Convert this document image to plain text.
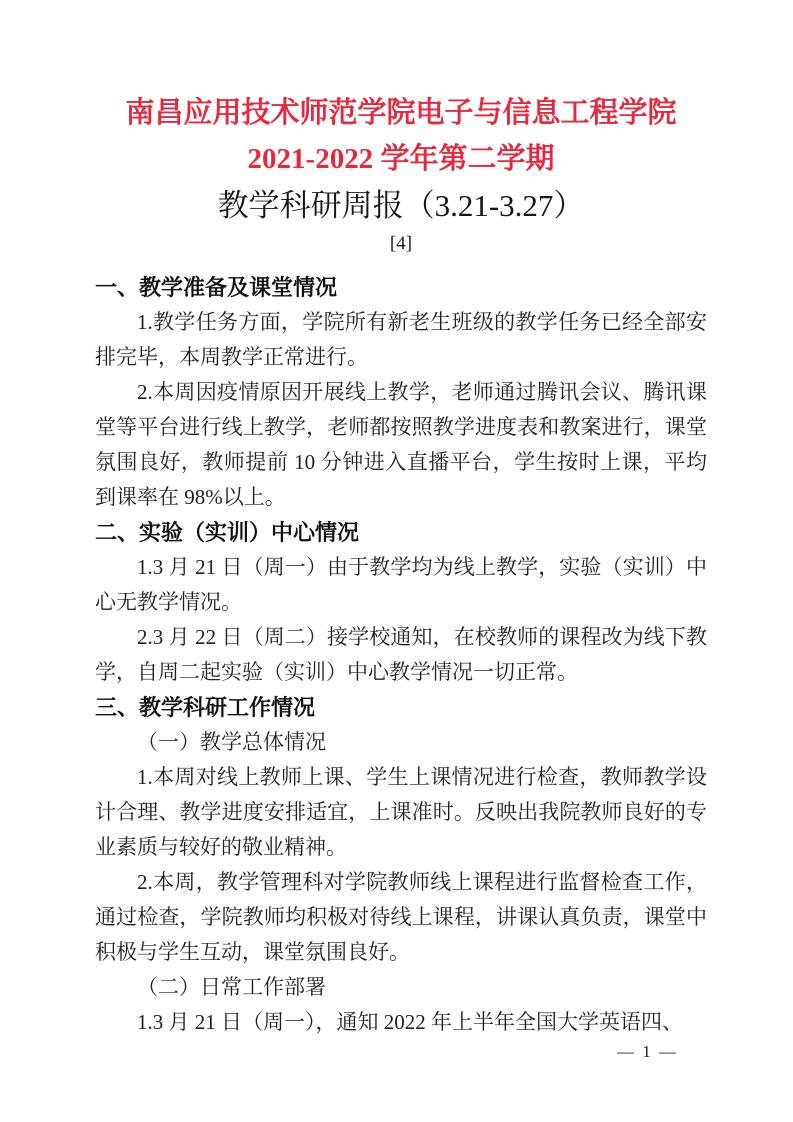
南昌应用技术师范学院电子与信息工程学院
2021-2022 学年第二学期
教学科研周报（3.21-3.27）
[4]
一、教学准备及课堂情况

1.教学任务方面，学院所有新老生班级的教学任务已经全部安排完毕，本周教学正常进行。

2.本周因疫情原因开展线上教学，老师通过腾讯会议、腾讯课堂等平台进行线上教学，老师都按照教学进度表和教案进行，课堂氛围良好，教师提前 10 分钟进入直播平台，学生按时上课，平均到课率在 98%以上。

二、实验（实训）中心情况

1.3 月 21 日（周一）由于教学均为线上教学，实验（实训）中心无教学情况。

2.3 月 22 日（周二）接学校通知，在校教师的课程改为线下教学，自周二起实验（实训）中心教学情况一切正常。

三、教学科研工作情况

（一）教学总体情况

1.本周对线上教师上课、学生上课情况进行检查，教师教学设计合理、教学进度安排适宜，上课准时。反映出我院教师良好的专业素质与较好的敬业精神。

2.本周，教学管理科对学院教师线上课程进行监督检查工作，通过检查，学院教师均积极对待线上课程，讲课认真负责，课堂中积极与学生互动，课堂氛围良好。

（二）日常工作部署

1.3 月 21 日（周一），通知 2022 年上半年全国大学英语四、

— 1 —
